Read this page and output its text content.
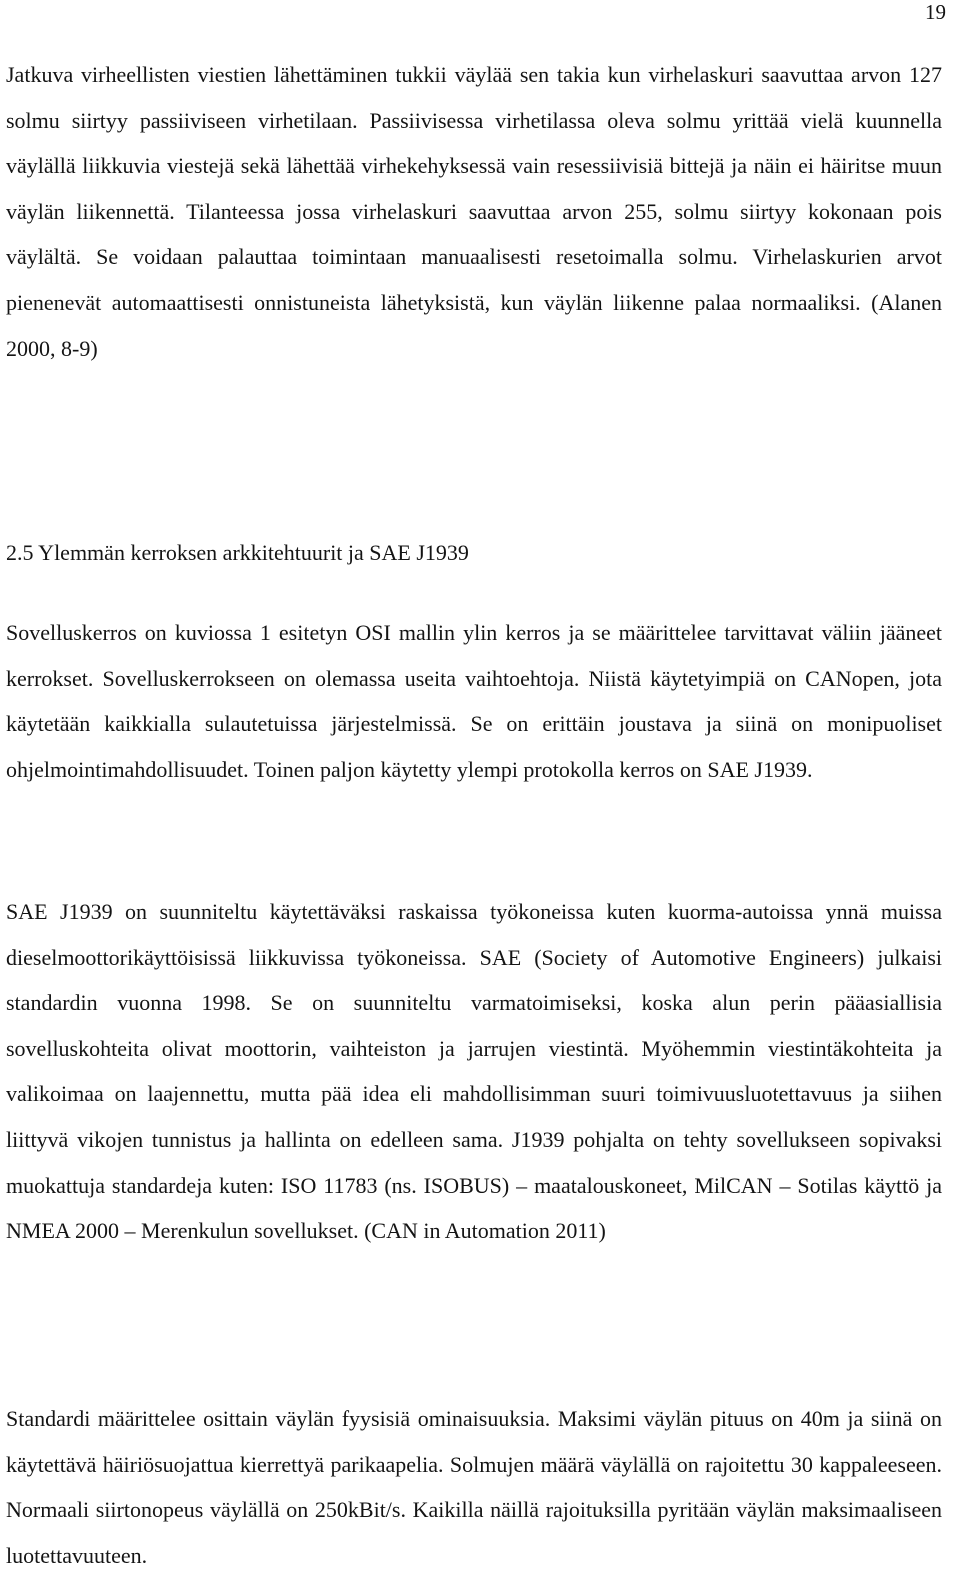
19

Jatkuva virheellisten viestien lähettäminen tukkii väylää sen takia kun virhelaskuri saavuttaa arvon 127 solmu siirtyy passiiviseen virhetilaan. Passiivisessa virhetilassa oleva solmu yrittää vielä kuunnella väylällä liikkuvia viestejä sekä lähettää virhekehyksessä vain resessiivisiä bittejä ja näin ei häiritse muun väylän liikennettä. Tilanteessa jossa virhelaskuri saavuttaa arvon 255, solmu siirtyy kokonaan pois väylältä. Se voidaan palauttaa toimintaan manuaalisesti resetoimalla solmu. Virhelaskurien arvot pienenevät automaattisesti onnistuneista lähetyksistä, kun väylän liikenne palaa normaaliksi. (Alanen 2000, 8-9)

2.5 Ylemmän kerroksen arkkitehtuurit ja SAE J1939

Sovelluskerros on kuviossa 1 esitetyn OSI mallin ylin kerros ja se määrittelee tarvittavat väliin jääneet kerrokset. Sovelluskerrokseen on olemassa useita vaihtoehtoja. Niistä käytetyimpiä on CANopen, jota käytetään kaikkialla sulautetuissa järjestelmissä. Se on erittäin joustava ja siinä on monipuoliset ohjelmointimahdollisuudet. Toinen paljon käytetty ylempi protokolla kerros on SAE J1939.

SAE J1939 on suunniteltu käytettäväksi raskaissa työkoneissa kuten kuorma-autoissa ynnä muissa dieselmoottorikäyttöisissä liikkuvissa työkoneissa. SAE (Society of Automotive Engineers) julkaisi standardin vuonna 1998. Se on suunniteltu varmatoimiseksi, koska alun perin pääasiallisia sovelluskohteita olivat moottorin, vaihteiston ja jarrujen viestintä. Myöhemmin viestintäkohteita ja valikoimaa on laajennettu, mutta pää idea eli mahdollisimman suuri toimivuusluotettavuus ja siihen liittyvä vikojen tunnistus ja hallinta on edelleen sama. J1939 pohjalta on tehty sovellukseen sopivaksi muokattuja standardeja kuten: ISO 11783 (ns. ISOBUS) – maatalouskoneet, MilCAN – Sotilas käyttö ja NMEA 2000 – Merenkulun sovellukset. (CAN in Automation 2011)

Standardi määrittelee osittain väylän fyysisiä ominaisuuksia. Maksimi väylän pituus on 40m ja siinä on käytettävä häiriösuojattua kierrettyä parikaapelia. Solmujen määrä väylällä on rajoitettu 30 kappaleeseen. Normaali siirtonopeus väylällä on 250kBit/s. Kaikilla näillä rajoituksilla pyritään väylän maksimaaliseen luotettavuuteen.
